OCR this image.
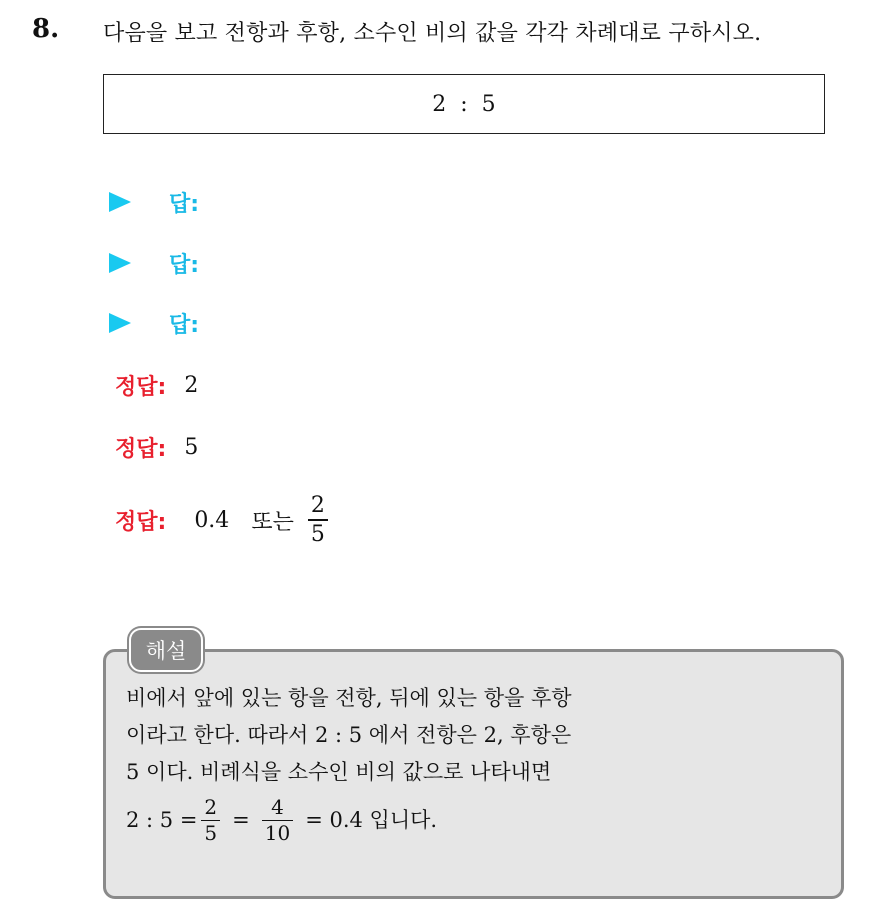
8. 다음을 보고 전항과 후항, 소수인 비의 값을 각각 차례대로 구하시오.
2  :  5
답:
답:
답:
정답: 2
정답: 5
정답: 0.4 또는 $\frac{2}{5}$
해설
비에서 앞에 있는 항을 전항, 뒤에 있는 항을 후항
이라고 한다. 따라서 2 : 5 에서 전항은 2, 후항은
5 이다. 비례식을 소수인 비의 값으로 나타내면
2 : $5 = \frac{2}{5} = \frac{4}{10} = 0.4$ 입니다.
